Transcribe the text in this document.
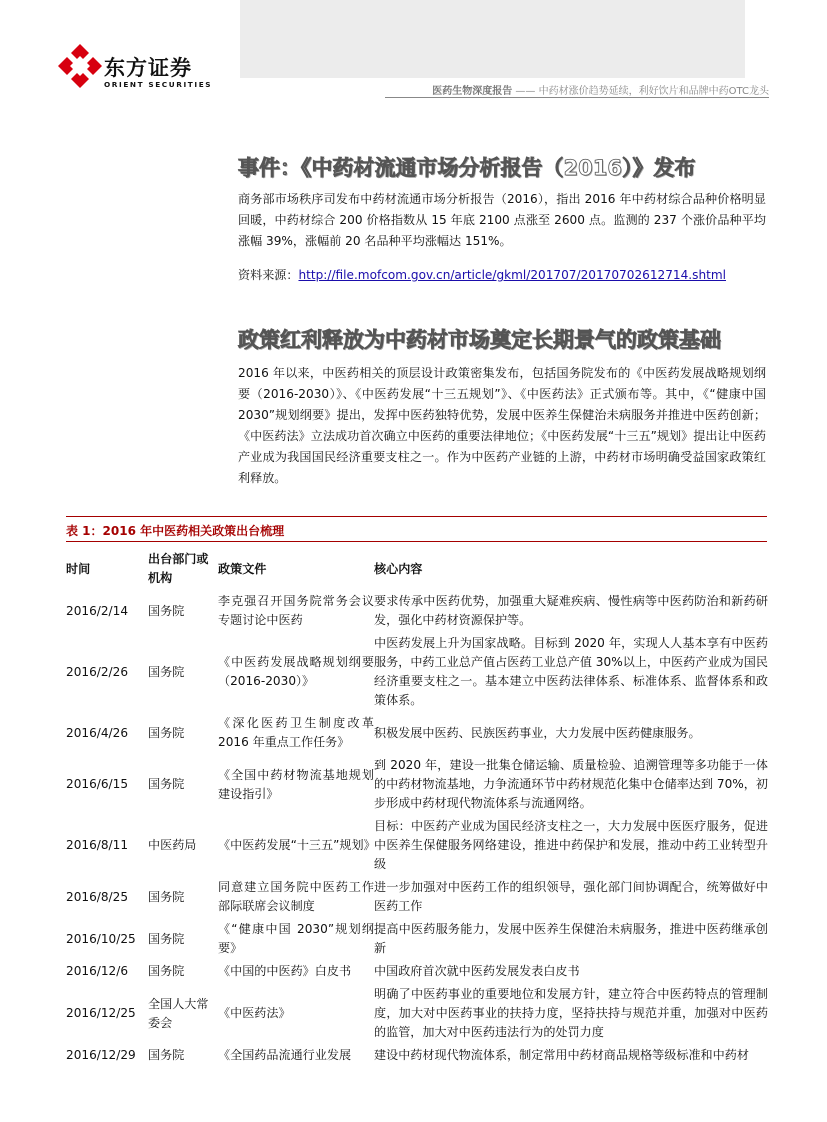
东方证券
ORIENT SECURITIES
医药生物深度报告 —— 中药材涨价趋势延续，利好饮片和品牌中药OTC龙头
事件：《中药材流通市场分析报告（2016）》发布
商务部市场秩序司发布中药材流通市场分析报告（2016），指出 2016 年中药材综合品种价格明显回暖，中药材综合 200 价格指数从 15 年底 2100 点涨至 2600 点。监测的 237 个涨价品种平均涨幅 39%，涨幅前 20 名品种平均涨幅达 151%。
资料来源：http://file.mofcom.gov.cn/article/gkml/201707/20170702612714.shtml
政策红利释放为中药材市场奠定长期景气的政策基础
2016 年以来，中医药相关的顶层设计政策密集发布，包括国务院发布的《中医药发展战略规划纲要（2016-2030）》、《中医药发展“十三五规划”》、《中医药法》正式颁布等。其中，《“健康中国 2030”规划纲要》提出，发挥中医药独特优势，发展中医养生保健治未病服务并推进中医药创新；《中医药法》立法成功首次确立中医药的重要法律地位；《中医药发展“十三五”规划》提出让中医药产业成为我国国民经济重要支柱之一。作为中医药产业链的上游，中药材市场明确受益国家政策红利释放。
表 1：2016 年中医药相关政策出台梳理
时间	出台部门或机构	政策文件	核心内容
2016/2/14	国务院	李克强召开国务院常务会议专题讨论中医药	要求传承中医药优势，加强重大疑难疾病、慢性病等中医药防治和新药研发，强化中药材资源保护等。
2016/2/26	国务院	《中医药发展战略规划纲要（2016-2030）》	中医药发展上升为国家战略。目标到 2020 年，实现人人基本享有中医药服务，中药工业总产值占医药工业总产值 30%以上，中医药产业成为国民经济重要支柱之一。基本建立中医药法律体系、标准体系、监督体系和政策体系。
2016/4/26	国务院	《深化医药卫生制度改革 2016 年重点工作任务》	积极发展中医药、民族医药事业，大力发展中医药健康服务。
2016/6/15	国务院	《全国中药材物流基地规划建设指引》	到 2020 年，建设一批集仓储运输、质量检验、追溯管理等多功能于一体的中药材物流基地，力争流通环节中药材规范化集中仓储率达到 70%，初步形成中药材现代物流体系与流通网络。
2016/8/11	中医药局	《中医药发展“十三五”规划》	目标：中医药产业成为国民经济支柱之一，大力发展中医医疗服务，促进中医养生保健服务网络建设，推进中药保护和发展，推动中药工业转型升级
2016/8/25	国务院	同意建立国务院中医药工作部际联席会议制度	进一步加强对中医药工作的组织领导，强化部门间协调配合，统筹做好中医药工作
2016/10/25	国务院	《“健康中国 2030”规划纲要》	提高中医药服务能力，发展中医养生保健治未病服务，推进中医药继承创新
2016/12/6	国务院	《中国的中医药》白皮书	中国政府首次就中医药发展发表白皮书
2016/12/25	全国人大常委会	《中医药法》	明确了中医药事业的重要地位和发展方针，建立符合中医药特点的管理制度，加大对中医药事业的扶持力度，坚持扶持与规范并重，加强对中医药的监管，加大对中医药违法行为的处罚力度
2016/12/29	国务院	《全国药品流通行业发展	建设中药材现代物流体系，制定常用中药材商品规格等级标准和中药材
